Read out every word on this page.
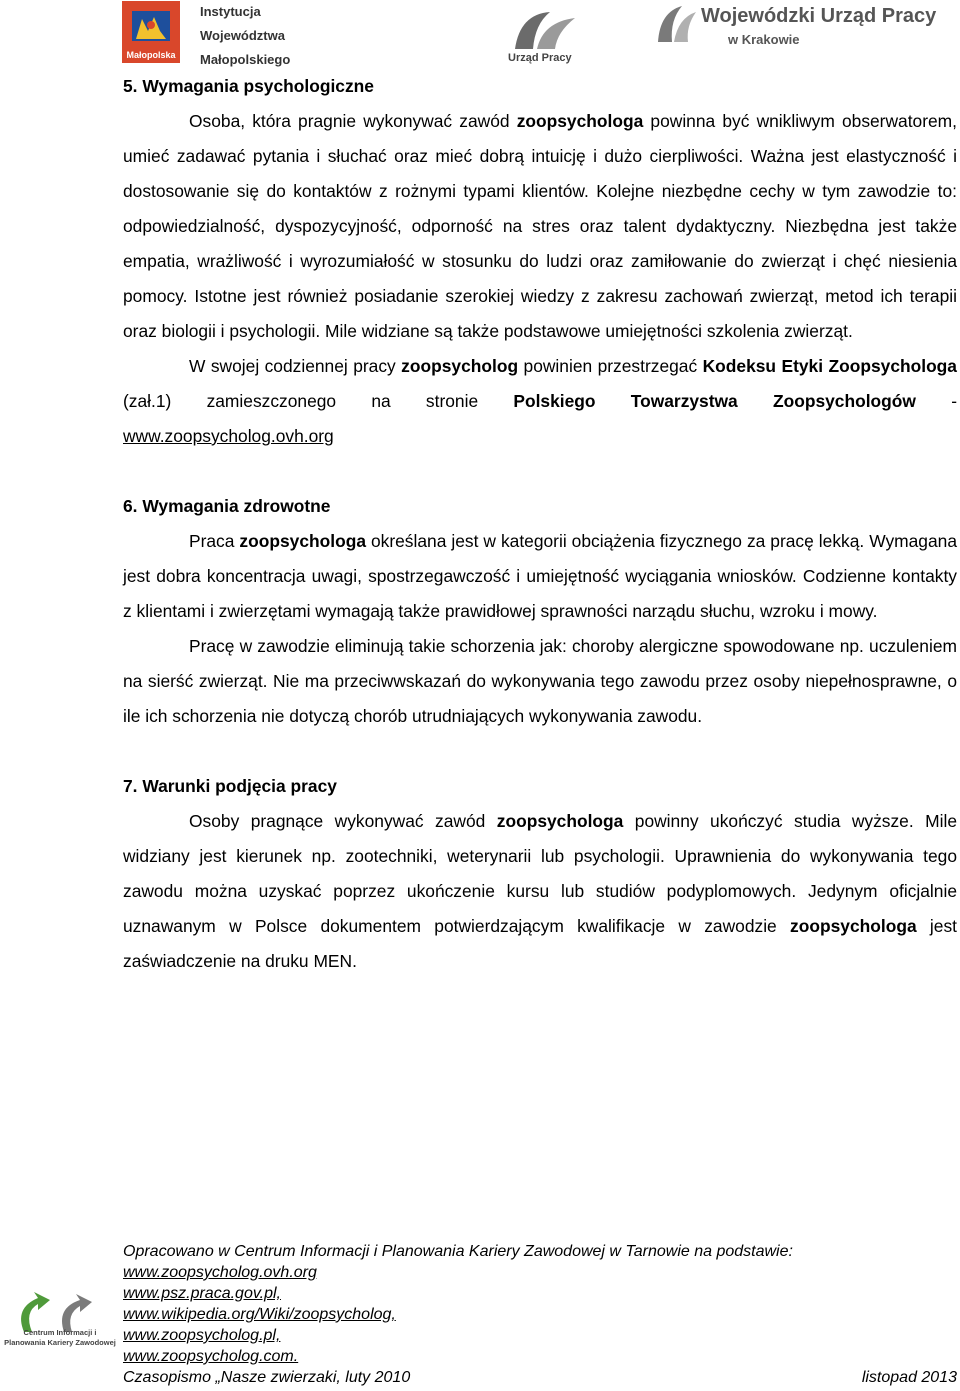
Małopolska
Instytucja
Województwa
Małopolskiego	Urząd Pracy
Wojewódzki Urząd Pracy
w Krakowie
5. Wymagania psychologiczne

Osoba, która pragnie wykonywać zawód zoopsychologa powinna być wnikliwym obserwatorem, umieć zadawać pytania i słuchać oraz mieć dobrą intuicję i dużo cierpliwości. Ważna jest elastyczność i dostosowanie się do kontaktów z rożnymi typami klientów. Kolejne niezbędne cechy w tym zawodzie to: odpowiedzialność, dyspozycyjność, odporność na stres oraz talent dydaktyczny. Niezbędna jest także empatia, wrażliwość i wyrozumiałość w stosunku do ludzi oraz zamiłowanie do zwierząt i chęć niesienia pomocy. Istotne jest również posiadanie szerokiej wiedzy z zakresu zachowań zwierząt, metod ich terapii oraz biologii i psychologii. Mile widziane są także podstawowe umiejętności szkolenia zwierząt.

W swojej codziennej pracy zoopsycholog powinien przestrzegać Kodeksu Etyki Zoopsychologa (zał.1) zamieszczonego na stronie Polskiego Towarzystwa Zoopsychologów - www.zoopsycholog.ovh.org

6. Wymagania zdrowotne

Praca zoopsychologa określana jest w kategorii obciążenia fizycznego za pracę lekką. Wymagana jest dobra koncentracja uwagi, spostrzegawczość i umiejętność wyciągania wniosków. Codzienne kontakty z klientami i zwierzętami wymagają także prawidłowej sprawności narządu słuchu, wzroku i mowy.

Pracę w zawodzie eliminują takie schorzenia jak: choroby alergiczne spowodowane np. uczuleniem na sierść zwierząt. Nie ma przeciwwskazań do wykonywania tego zawodu przez osoby niepełnosprawne, o ile ich schorzenia nie dotyczą chorób utrudniających wykonywania zawodu.

7. Warunki podjęcia pracy

Osoby pragnące wykonywać zawód zoopsychologa powinny ukończyć studia wyższe. Mile widziany jest kierunek np. zootechniki, weterynarii lub psychologii. Uprawnienia do wykonywania tego zawodu można uzyskać poprzez ukończenie kursu lub studiów podyplomowych. Jedynym oficjalnie uznawanym w Polsce dokumentem potwierdzającym kwalifikacje w zawodzie zoopsychologa jest zaświadczenie na druku MEN.

Centrum Informacji i Planowania Kariery Zawodowej
Opracowano w Centrum Informacji i Planowania Kariery Zawodowej w Tarnowie na podstawie:
www.zoopsycholog.ovh.org
www.psz.praca.gov.pl,
www.wikipedia.org/Wiki/zoopsycholog,
www.zoopsycholog.pl,
www.zoopsycholog.com.
Czasopismo „Nasze zwierzaki, luty 2010	listopad 2013
